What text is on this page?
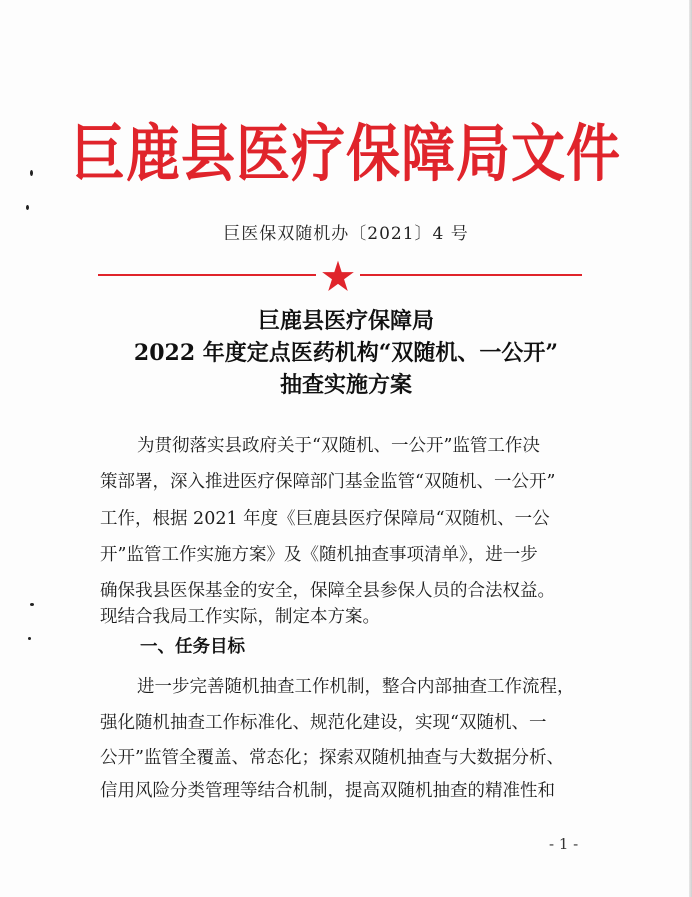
巨鹿县医疗保障局文件
巨医保双随机办〔2021〕4 号
巨鹿县医疗保障局
2022 年度定点医药机构“双随机、一公开”
抽查实施方案
为贯彻落实县政府关于“双随机、一公开”监管工作决
策部署，深入推进医疗保障部门基金监管“双随机、一公开”
工作，根据 2021 年度《巨鹿县医疗保障局“双随机、一公
开”监管工作实施方案》及《随机抽查事项清单》，进一步
确保我县医保基金的安全，保障全县参保人员的合法权益。
现结合我局工作实际，制定本方案。
一、任务目标
进一步完善随机抽查工作机制，整合内部抽查工作流程，
强化随机抽查工作标准化、规范化建设，实现“双随机、一
公开”监管全覆盖、常态化；探索双随机抽查与大数据分析、
信用风险分类管理等结合机制，提高双随机抽查的精准性和
- 1 -
